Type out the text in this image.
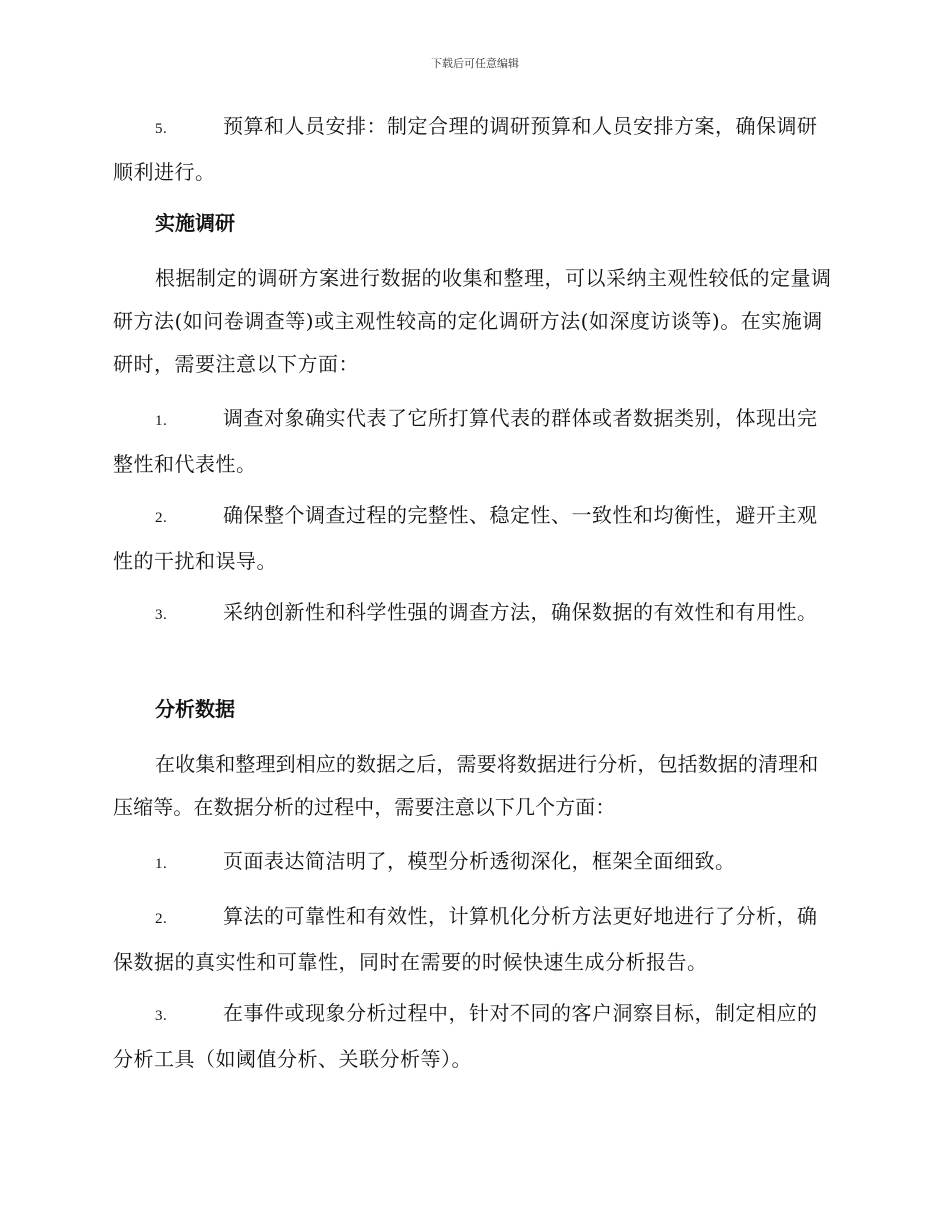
下载后可任意编辑

5.	预算和人员安排：制定合理的调研预算和人员安排方案，确保调研顺利进行。

实施调研

根据制定的调研方案进行数据的收集和整理，可以采纳主观性较低的定量调研方法(如问卷调查等)或主观性较高的定化调研方法(如深度访谈等)。在实施调研时，需要注意以下方面：

1.	调查对象确实代表了它所打算代表的群体或者数据类别，体现出完整性和代表性。

2.	确保整个调查过程的完整性、稳定性、一致性和均衡性，避开主观性的干扰和误导。

3.	采纳创新性和科学性强的调查方法，确保数据的有效性和有用性。

分析数据

在收集和整理到相应的数据之后，需要将数据进行分析，包括数据的清理和压缩等。在数据分析的过程中，需要注意以下几个方面：

1.	页面表达简洁明了，模型分析透彻深化，框架全面细致。

2.	算法的可靠性和有效性，计算机化分析方法更好地进行了分析，确保数据的真实性和可靠性，同时在需要的时候快速生成分析报告。

3.	在事件或现象分析过程中，针对不同的客户洞察目标，制定相应的分析工具（如阈值分析、关联分析等）。
